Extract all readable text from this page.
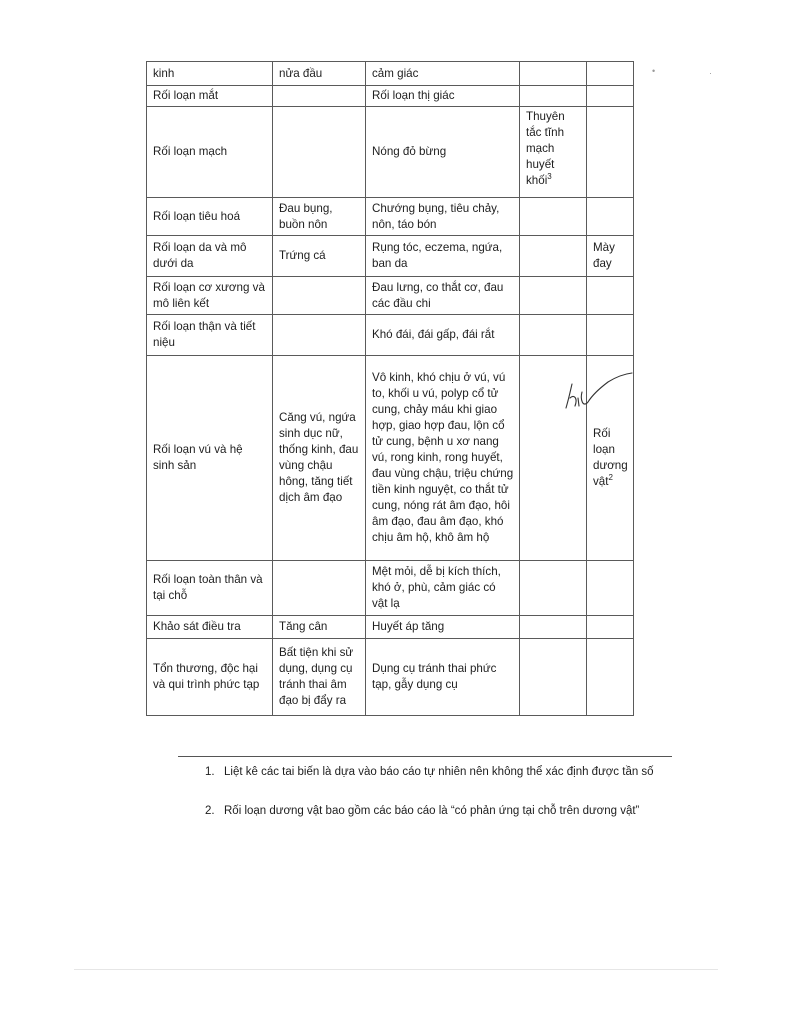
kinh	nửa đầu	cảm giác		
Rối loạn mắt		Rối loạn thị giác		
Rối loạn mạch		Nóng đỏ bừng	Thuyên tắc tĩnh mạch huyết khối$^3$	
Rối loạn tiêu hoá	Đau bụng, buồn nôn	Chướng bụng, tiêu chảy, nôn, táo bón		
Rối loạn da và mô dưới da	Trứng cá	Rụng tóc, eczema, ngứa, ban da		Mày đay
Rối loạn cơ xương và mô liên kết		Đau lưng, co thắt cơ, đau các đầu chi		
Rối loạn thận và tiết niệu		Khó đái, đái gấp, đái rắt		
Rối loạn vú và hệ sinh sản	Căng vú, ngứa sinh dục nữ, thống kinh, đau vùng chậu hông, tăng tiết dịch âm đạo	Vô kinh, khó chịu ở vú, vú to, khối u vú, polyp cổ tử cung, chảy máu khi giao hợp, giao hợp đau, lộn cổ tử cung, bệnh u xơ nang vú, rong kinh, rong huyết, đau vùng chậu, triệu chứng tiền kinh nguyệt, co thắt tử cung, nóng rát âm đạo, hôi âm đạo, đau âm đạo, khó chịu âm hộ, khô âm hộ		Rối loạn dương vật$^2$
Rối loạn toàn thân và tại chỗ		Mệt mỏi, dễ bị kích thích, khó ở, phù, cảm giác có vật lạ		
Khảo sát điều tra	Tăng cân	Huyết áp tăng		
Tổn thương, độc hại và qui trình phức tạp	Bất tiện khi sử dụng, dụng cụ tránh thai âm đạo bị đẩy ra	Dụng cụ tránh thai phức tạp, gẫy dụng cụ		
•	·
1. Liệt kê các tai biến là dựa vào báo cáo tự nhiên nên không thể xác định được tần số
2. Rối loạn dương vật bao gồm các báo cáo là “có phản ứng tại chỗ trên dương vật”
